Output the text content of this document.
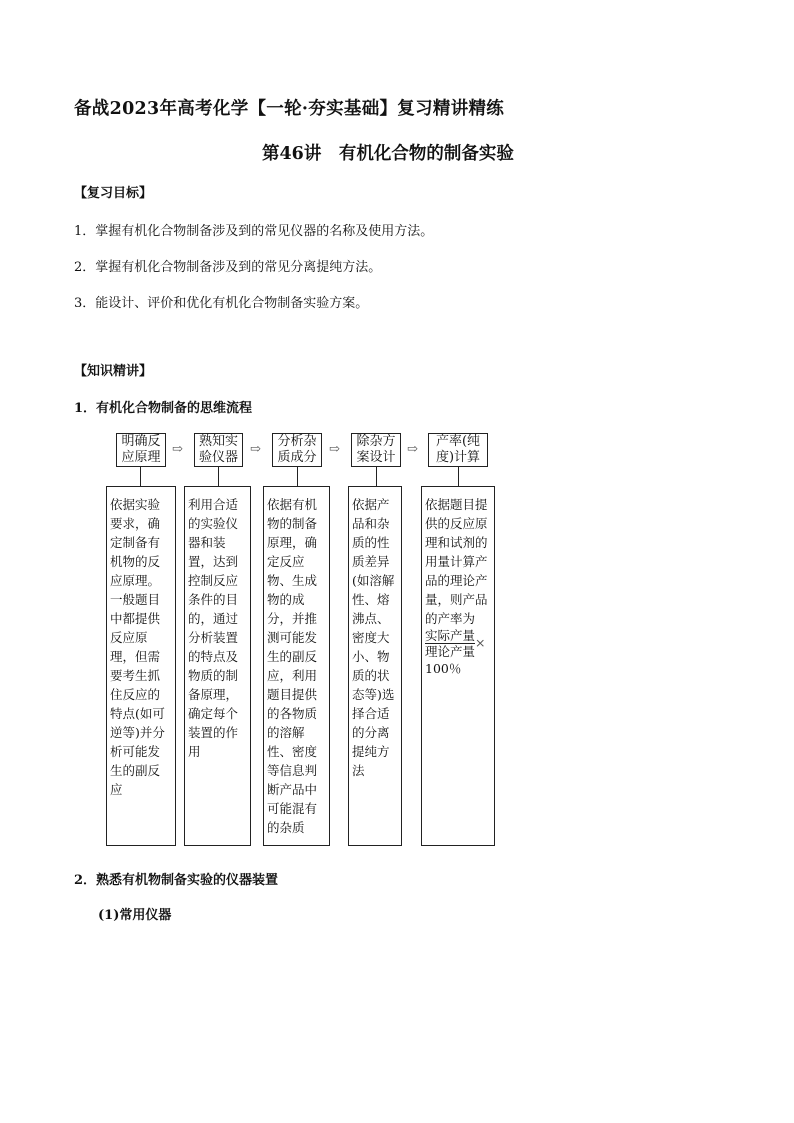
备战2023年高考化学【一轮·夯实基础】复习精讲精练
第46讲　有机化合物的制备实验
【复习目标】
1．掌握有机化合物制备涉及到的常见仪器的名称及使用方法。
2．掌握有机化合物制备涉及到的常见分离提纯方法。
3．能设计、评价和优化有机化合物制备实验方案。
【知识精讲】
1．有机化合物制备的思维流程
明确反
应原理
熟知实
验仪器
分析杂
质成分
除杂方
案设计
产率(纯
度)计算
⇨	⇨	⇨	⇨
依据实验要求，确定制备有机物的反应原理。一般题目中都提供反应原理，但需要考生抓住反应的特点(如可逆等)并分析可能发生的副反应
利用合适的实验仪器和装置，达到控制反应条件的目的，通过分析装置的特点及物质的制备原理，确定每个装置的作用
依据有机物的制备原理，确定反应物、生成物的成分，并推测可能发生的副反应，利用题目提供的各物质的溶解性、密度等信息判断产品中可能混有的杂质
依据产品和杂质的性质差异(如溶解性、熔沸点、密度大小、物质的状态等)选择合适的分离提纯方法
依据题目提供的反应原理和试剂的用量计算产品的理论产量，则产品的产率为
$\frac{\text{实际产量}}{\text{理论产量}}$ ×
100％
2．熟悉有机物制备实验的仪器装置
(1)常用仪器
